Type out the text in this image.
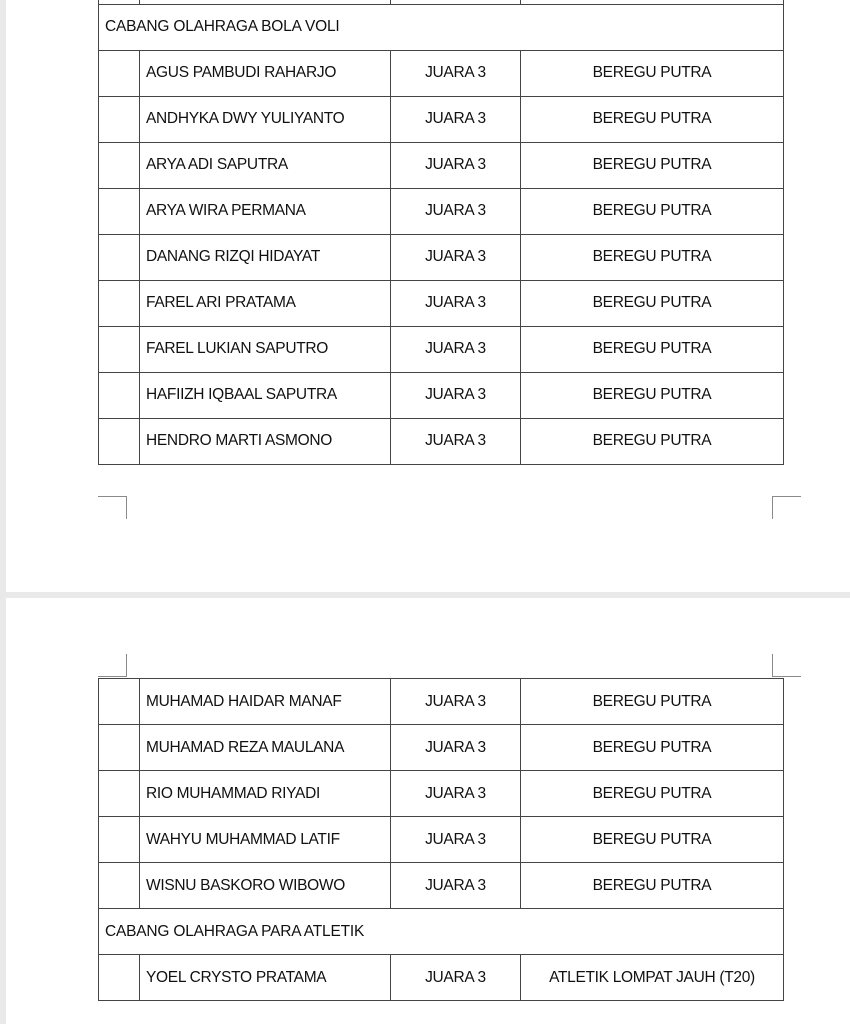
CABANG OLAHRAGA BOLA VOLI			
	AGUS PAMBUDI RAHARJO	JUARA 3	BEREGU PUTRA
	ANDHYKA DWY YULIYANTO	JUARA 3	BEREGU PUTRA
	ARYA ADI SAPUTRA	JUARA 3	BEREGU PUTRA
	ARYA WIRA PERMANA	JUARA 3	BEREGU PUTRA
	DANANG RIZQI HIDAYAT	JUARA 3	BEREGU PUTRA
	FAREL ARI PRATAMA	JUARA 3	BEREGU PUTRA
	FAREL LUKIAN SAPUTRO	JUARA 3	BEREGU PUTRA
	HAFIIZH IQBAAL SAPUTRA	JUARA 3	BEREGU PUTRA
	HENDRO MARTI ASMONO	JUARA 3	BEREGU PUTRA
	MUHAMAD HAIDAR MANAF	JUARA 3	BEREGU PUTRA
	MUHAMAD REZA MAULANA	JUARA 3	BEREGU PUTRA
	RIO MUHAMMAD RIYADI	JUARA 3	BEREGU PUTRA
	WAHYU MUHAMMAD LATIF	JUARA 3	BEREGU PUTRA
	WISNU BASKORO WIBOWO	JUARA 3	BEREGU PUTRA
CABANG OLAHRAGA PARA ATLETIK			
	YOEL CRYSTO PRATAMA	JUARA 3	ATLETIK LOMPAT JAUH (T20)
